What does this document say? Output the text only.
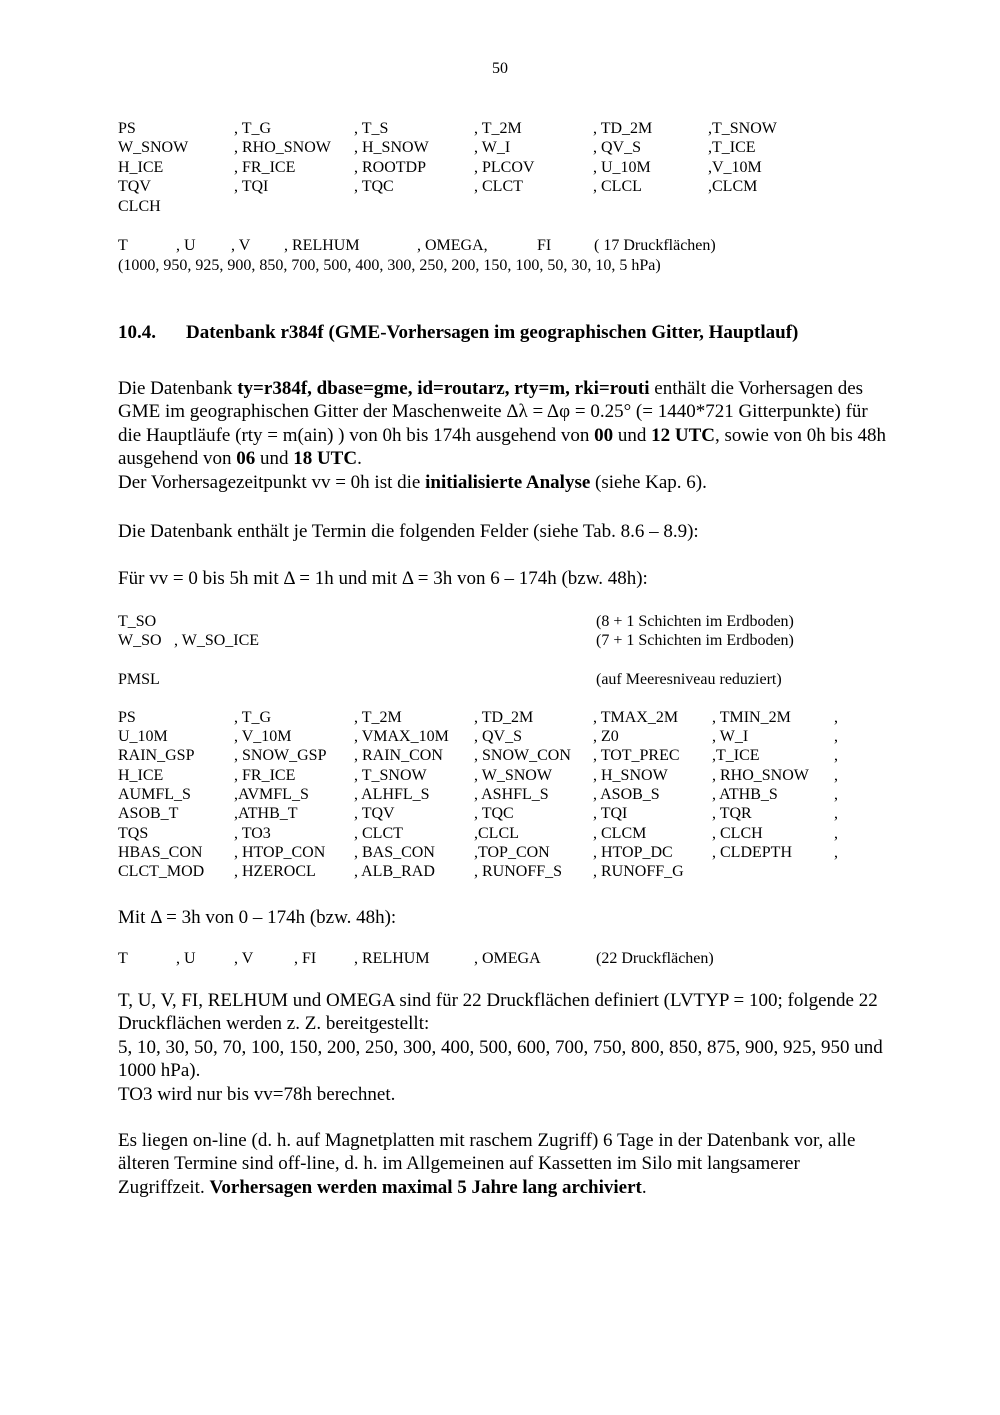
50
PS	, T_G	, T_S	, T_2M	, TD_2M	,T_SNOW
W_SNOW	, RHO_SNOW , H_SNOW	, W_I	, QV_S	,T_ICE
H_ICE	, FR_ICE	, ROOTDP	, PLCOV	, U_10M	,V_10M
TQV	, TQI	, TQC	, CLCT	, CLCL	,CLCM
CLCH
T	, U , V , RELHUM	, OMEGA,	FI	( 17 Druckflächen)
(1000, 950, 925, 900, 850, 700, 500, 400, 300, 250, 200, 150, 100, 50, 30, 10, 5 hPa)
10.4. Datenbank r384f (GME-Vorhersagen im geographischen Gitter, Hauptlauf)
Die Datenbank ty=r384f, dbase=gme, id=routarz, rty=m, rki=routi enthält die Vorhersagen des GME im geographischen Gitter der Maschenweite Δλ = Δφ = 0.25° (= 1440*721 Gitterpunkte) für die Hauptläufe (rty = m(ain) ) von 0h bis 174h ausgehend von 00 und 12 UTC, sowie von 0h bis 48h ausgehend von 06 und 18 UTC.
Der Vorhersagezeitpunkt vv = 0h ist die initialisierte Analyse (siehe Kap. 6).
Die Datenbank enthält je Termin die folgenden Felder (siehe Tab. 8.6 – 8.9):
Für vv = 0 bis 5h mit Δ = 1h und mit Δ = 3h von 6 – 174h (bzw. 48h):
T_SO	(8 + 1 Schichten im Erdboden)
W_SO , W_SO_ICE	(7 + 1 Schichten im Erdboden)
PMSL	(auf Meeresniveau reduziert)
PS	, T_G	, T_2M	, TD_2M	, TMAX_2M , TMIN_2M	,
U_10M	, V_10M	, VMAX_10M , QV_S	, Z0	, W_I	,
RAIN_GSP , SNOW_GSP , RAIN_CON , SNOW_CON , TOT_PREC ,T_ICE	,
H_ICE	, FR_ICE	, T_SNOW	, W_SNOW	, H_SNOW	, RHO_SNOW ,
AUMFL_S	,AVMFL_S	, ALHFL_S	, ASHFL_S	, ASOB_S	, ATHB_S	,
ASOB_T	,ATHB_T	, TQV	, TQC	, TQI	, TQR	,
TQS	, TO3	, CLCT	,CLCL	, CLCM	, CLCH	,
HBAS_CON , HTOP_CON , BAS_CON ,TOP_CON	, HTOP_DC , CLDEPTH	,
CLCT_MOD , HZEROCL , ALB_RAD , RUNOFF_S , RUNOFF_G
Mit Δ = 3h von 0 – 174h (bzw. 48h):
T	, U , V	, FI , RELHUM	, OMEGA	(22 Druckflächen)
T, U, V, FI, RELHUM und OMEGA sind für 22 Druckflächen definiert (LVTYP = 100; folgende 22 Druckflächen werden z. Z. bereitgestellt:
5, 10, 30, 50, 70, 100, 150, 200, 250, 300, 400, 500, 600, 700, 750, 800, 850, 875, 900, 925, 950 und 1000 hPa).
TO3 wird nur bis vv=78h berechnet.
Es liegen on-line (d. h. auf Magnetplatten mit raschem Zugriff) 6 Tage in der Datenbank vor, alle älteren Termine sind off-line, d. h. im Allgemeinen auf Kassetten im Silo mit langsamerer Zugriffzeit. Vorhersagen werden maximal 5 Jahre lang archiviert.
